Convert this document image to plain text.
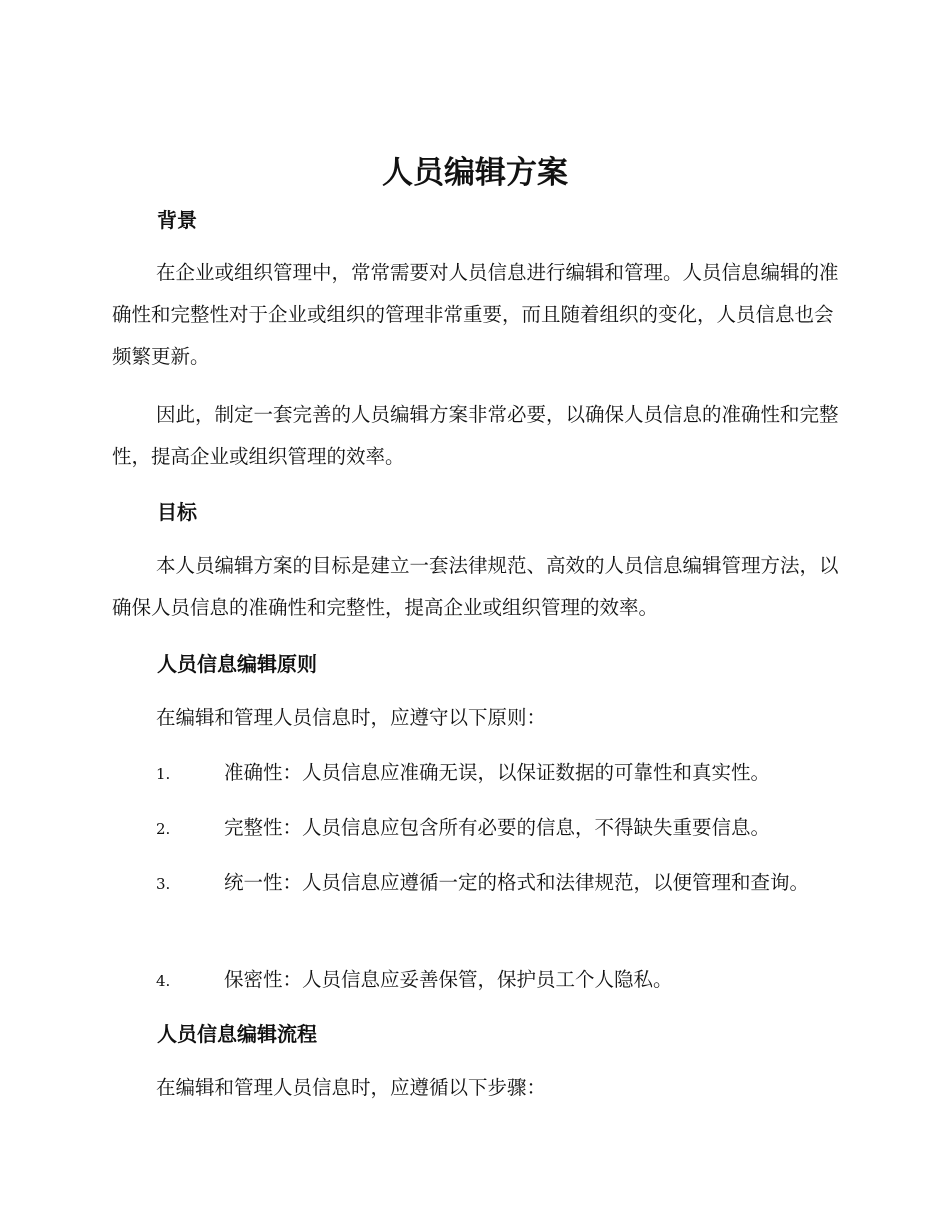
人员编辑方案
背景

在企业或组织管理中，常常需要对人员信息进行编辑和管理。人员信息编辑的准确性和完整性对于企业或组织的管理非常重要，而且随着组织的变化，人员信息也会频繁更新。

因此，制定一套完善的人员编辑方案非常必要，以确保人员信息的准确性和完整性，提高企业或组织管理的效率。

目标

本人员编辑方案的目标是建立一套法律规范、高效的人员信息编辑管理方法，以确保人员信息的准确性和完整性，提高企业或组织管理的效率。

人员信息编辑原则

在编辑和管理人员信息时，应遵守以下原则：

1.	准确性：人员信息应准确无误，以保证数据的可靠性和真实性。

2.	完整性：人员信息应包含所有必要的信息，不得缺失重要信息。

3.	统一性：人员信息应遵循一定的格式和法律规范，以便管理和查询。

4.	保密性：人员信息应妥善保管，保护员工个人隐私。

人员信息编辑流程

在编辑和管理人员信息时，应遵循以下步骤：
